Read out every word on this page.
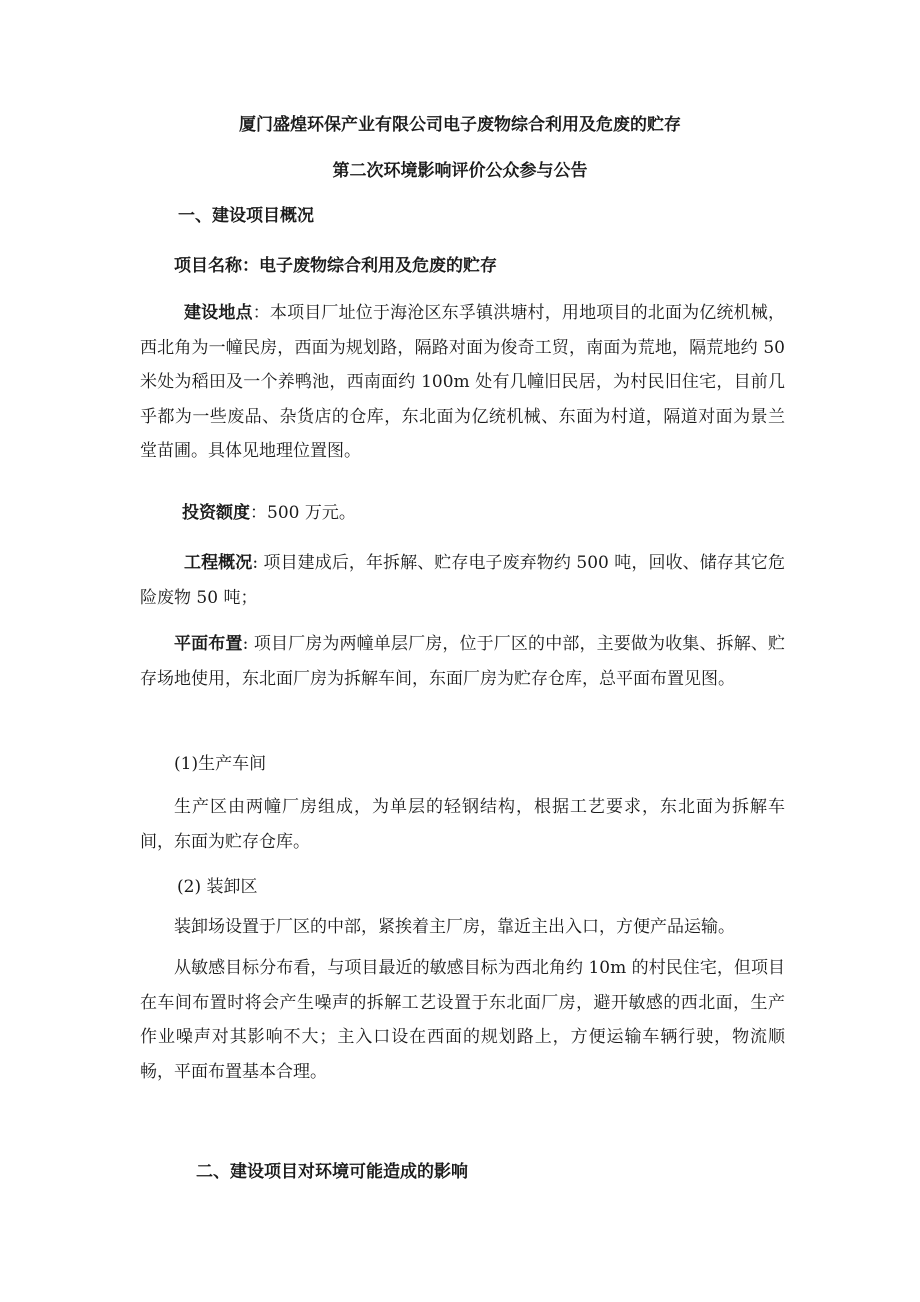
厦门盛煌环保产业有限公司电子废物综合利用及危废的贮存
第二次环境影响评价公众参与公告
一、建设项目概况
项目名称：电子废物综合利用及危废的贮存
建设地点：本项目厂址位于海沧区东孚镇洪塘村，用地项目的北面为亿统机械，西北角为一幢民房，西面为规划路，隔路对面为俊奇工贸，南面为荒地，隔荒地约 50 米处为稻田及一个养鸭池，西南面约 100m 处有几幢旧民居，为村民旧住宅，目前几乎都为一些废品、杂货店的仓库，东北面为亿统机械、东面为村道，隔道对面为景兰堂苗圃。具体见地理位置图。
投资额度：500 万元。
工程概况: 项目建成后，年拆解、贮存电子废弃物约 500 吨，回收、储存其它危险废物 50 吨；
平面布置: 项目厂房为两幢单层厂房，位于厂区的中部，主要做为收集、拆解、贮存场地使用，东北面厂房为拆解车间，东面厂房为贮存仓库，总平面布置见图。
(1)生产车间
生产区由两幢厂房组成，为单层的轻钢结构，根据工艺要求，东北面为拆解车间，东面为贮存仓库。
(2) 装卸区
装卸场设置于厂区的中部，紧挨着主厂房，靠近主出入口，方便产品运输。
从敏感目标分布看，与项目最近的敏感目标为西北角约 10m 的村民住宅，但项目在车间布置时将会产生噪声的拆解工艺设置于东北面厂房，避开敏感的西北面，生产作业噪声对其影响不大；主入口设在西面的规划路上，方便运输车辆行驶，物流顺畅，平面布置基本合理。
二、建设项目对环境可能造成的影响
